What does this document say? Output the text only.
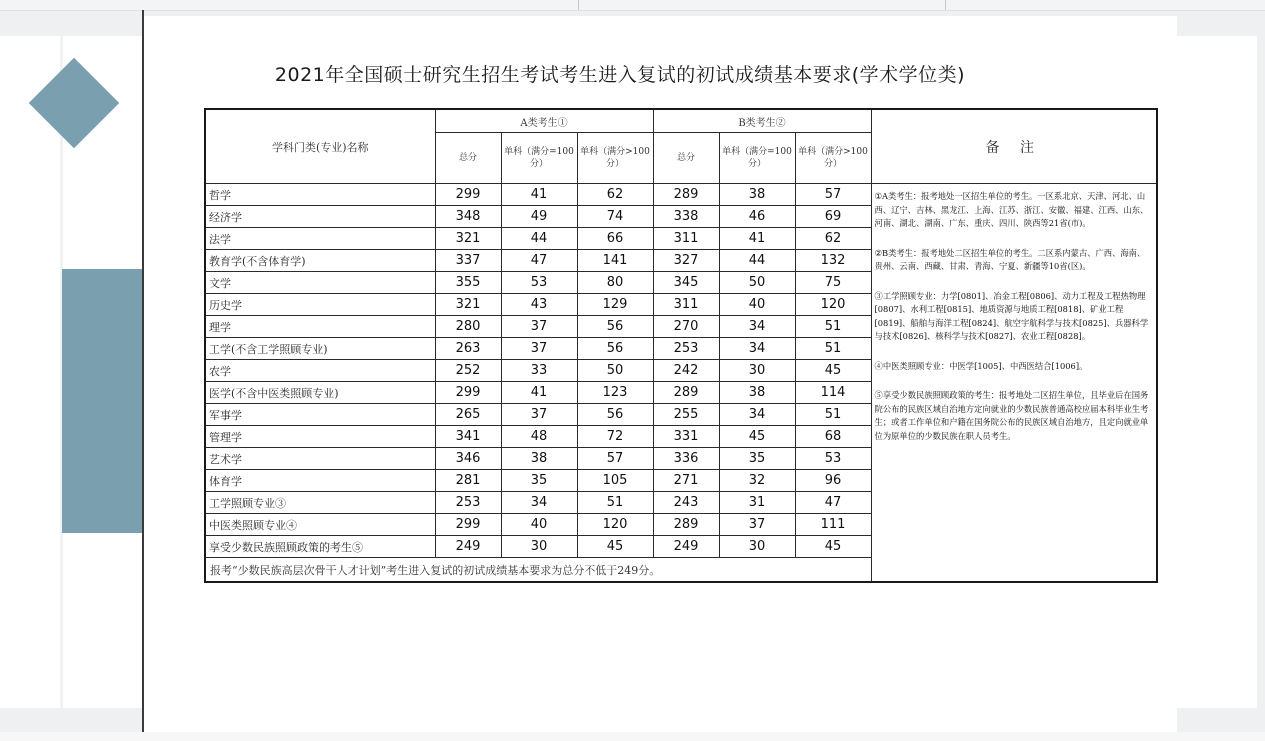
2021年全国硕士研究生招生考试考生进入复试的初试成绩基本要求(学术学位类)
学科门类(专业)名称	A类考生①			B类考生②			备 注
	总分	单科（满分=100分）	单科（满分>100分）	总分	单科（满分=100分）	单科（满分>100分）	
哲学	299	41	62	289	38	57	①A类考生：报考地处一区招生单位的考生。一区系北京、天津、河北、山西、辽宁、吉林、黑龙江、上海、江苏、浙江、安徽、福建、江西、山东、河南、湖北、湖南、广东、重庆、四川、陕西等21省(市)。

②B类考生：报考地处二区招生单位的考生。二区系内蒙古、广西、海南、贵州、云南、西藏、甘肃、青海、宁夏、新疆等10省(区)。

③工学照顾专业：力学[0801]、冶金工程[0806]、动力工程及工程热物理[0807]、水利工程[0815]、地质资源与地质工程[0818]、矿业工程[0819]、船舶与海洋工程[0824]、航空宇航科学与技术[0825]、兵器科学与技术[0826]、核科学与技术[0827]、农业工程[0828]。

④中医类照顾专业：中医学[1005]、中西医结合[1006]。

⑤享受少数民族照顾政策的考生：报考地处二区招生单位，且毕业后在国务院公布的民族区域自治地方定向就业的少数民族普通高校应届本科毕业生考生；或者工作单位和户籍在国务院公布的民族区域自治地方，且定向就业单位为原单位的少数民族在职人员考生。

经济学	348	49	74	338	46	69	
法学	321	44	66	311	41	62	
教育学(不含体育学)	337	47	141	327	44	132	
文学	355	53	80	345	50	75	
历史学	321	43	129	311	40	120	
理学	280	37	56	270	34	51	
工学(不含工学照顾专业)	263	37	56	253	34	51	
农学	252	33	50	242	30	45	
医学(不含中医类照顾专业)	299	41	123	289	38	114	
军事学	265	37	56	255	34	51	
管理学	341	48	72	331	45	68	
艺术学	346	38	57	336	35	53	
体育学	281	35	105	271	32	96	
工学照顾专业③	253	34	51	243	31	47	
中医类照顾专业④	299	40	120	289	37	111	
享受少数民族照顾政策的考生⑤	249	30	45	249	30	45	
报考“少数民族高层次骨干人才计划”考生进入复试的初试成绩基本要求为总分不低于249分。							
